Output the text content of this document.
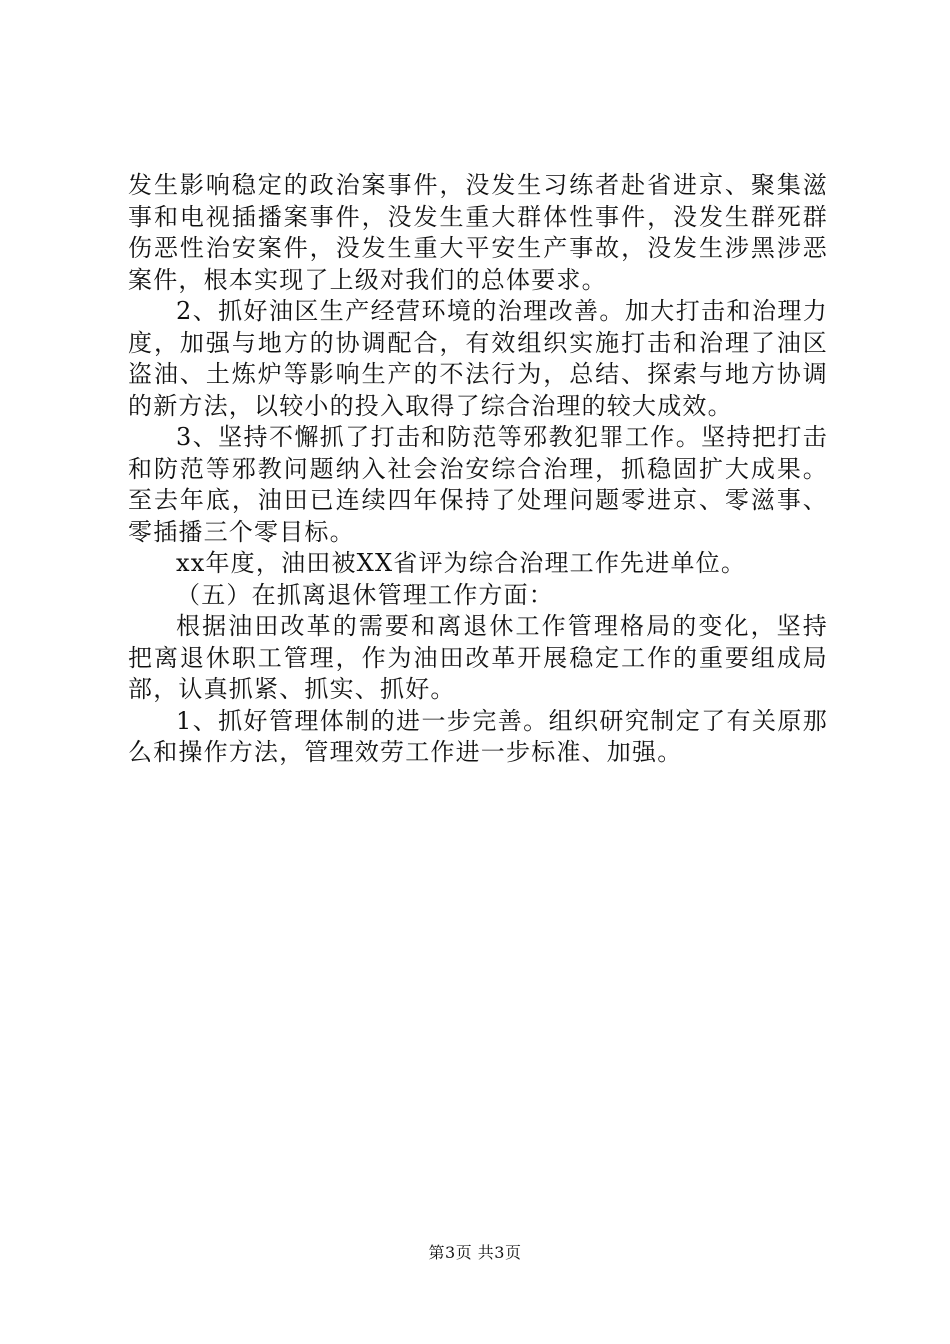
发生影响稳定的政治案事件，没发生习练者赴省进京、聚集滋事和电视插播案事件，没发生重大群体性事件，没发生群死群伤恶性治安案件，没发生重大平安生产事故，没发生涉黑涉恶案件，根本实现了上级对我们的总体要求。

2、抓好油区生产经营环境的治理改善。加大打击和治理力度，加强与地方的协调配合，有效组织实施打击和治理了油区盗油、土炼炉等影响生产的不法行为，总结、探索与地方协调的新方法，以较小的投入取得了综合治理的较大成效。

3、坚持不懈抓了打击和防范等邪教犯罪工作。坚持把打击和防范等邪教问题纳入社会治安综合治理，抓稳固扩大成果。至去年底，油田已连续四年保持了处理问题零进京、零滋事、零插播三个零目标。

xx年度，油田被XX省评为综合治理工作先进单位。

（五）在抓离退休管理工作方面：

根据油田改革的需要和离退休工作管理格局的变化，坚持把离退休职工管理，作为油田改革开展稳定工作的重要组成局部，认真抓紧、抓实、抓好。

1、抓好管理体制的进一步完善。组织研究制定了有关原那么和操作方法，管理效劳工作进一步标准、加强。

第3页 共3页
